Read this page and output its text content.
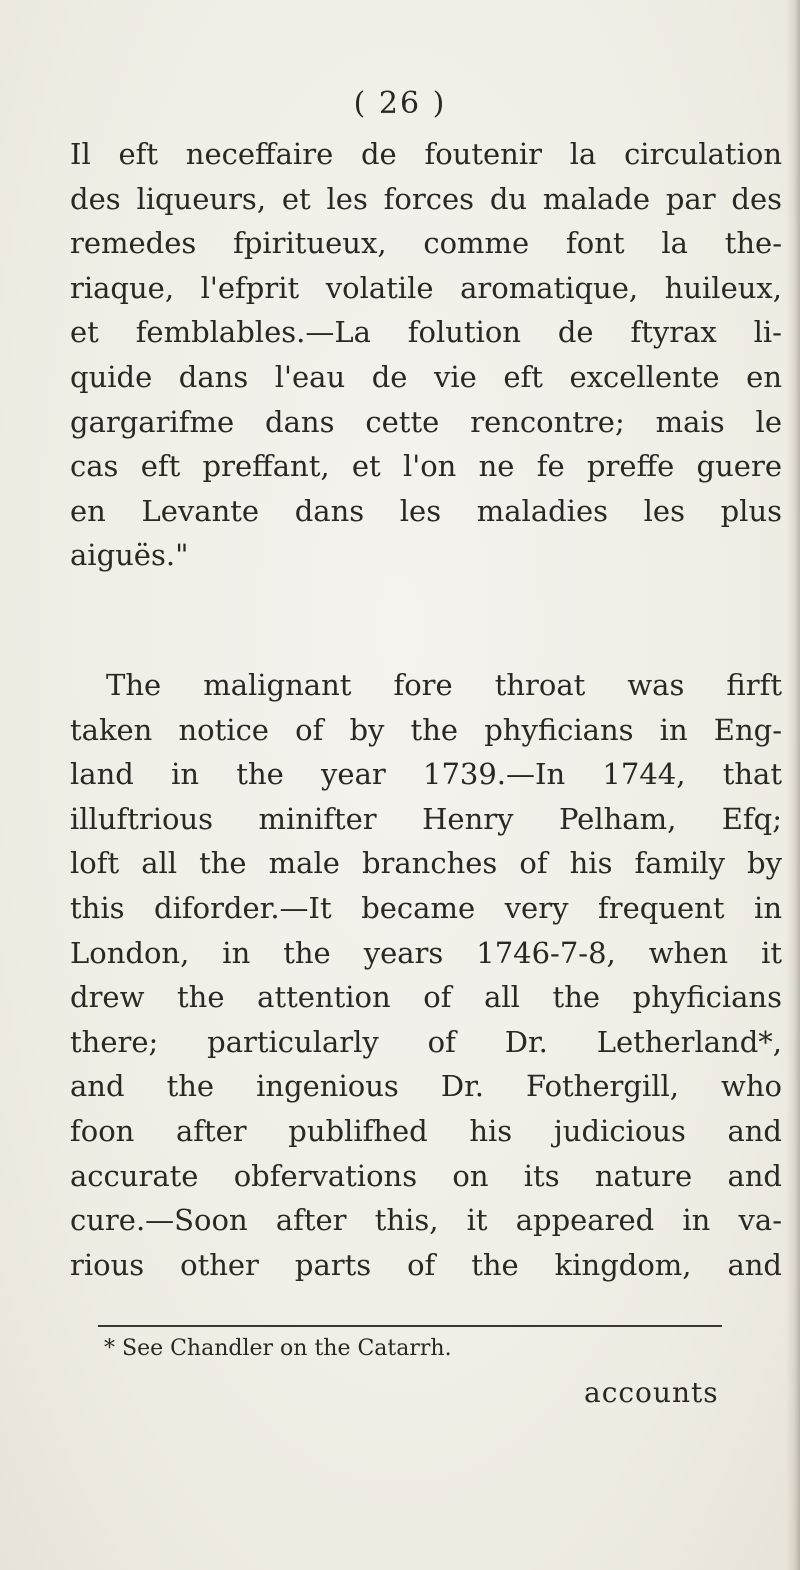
( 26 )
Il eft neceffaire de foutenir la circulation
des liqueurs, et les forces du malade par des
remedes fpiritueux, comme font la the-
riaque, l'efprit volatile aromatique, huileux,
et femblables.—La folution de ftyrax li-
quide dans l'eau de vie eft excellente en
gargarifme dans cette rencontre; mais le
cas eft preffant, et l'on ne fe preffe guere
en Levante dans les maladies les plus
aiguës."
The malignant fore throat was firft
taken notice of by the phyficians in Eng-
land in the year 1739.—In 1744, that
illuftrious minifter Henry Pelham, Efq;
loft all the male branches of his family by
this diforder.—It became very frequent in
London, in the years 1746-7-8, when it
drew the attention of all the phyficians
there; particularly of Dr. Letherland*,
and the ingenious Dr. Fothergill, who
foon after publifhed his judicious and
accurate obfervations on its nature and
cure.—Soon after this, it appeared in va-
rious other parts of the kingdom, and
* See Chandler on the Catarrh.
accounts
